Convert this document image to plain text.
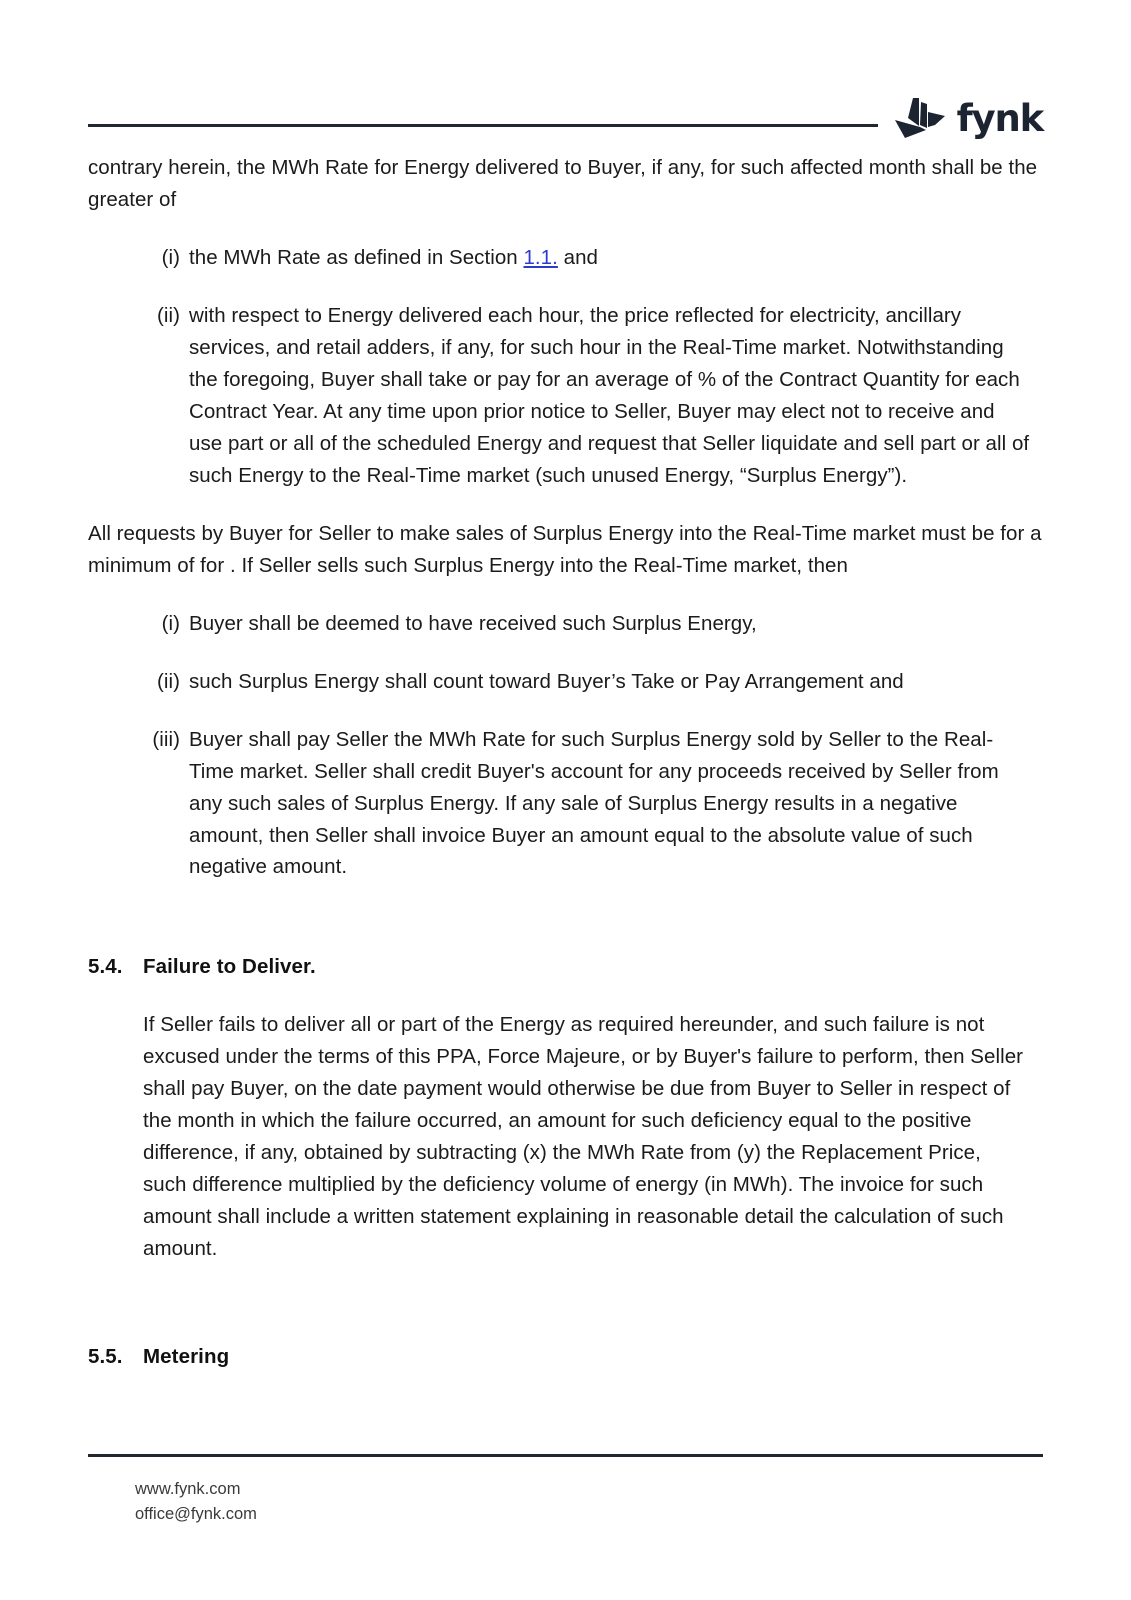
fynk

contrary herein, the MWh Rate for Energy delivered to Buyer, if any, for such affected month shall be the greater of

(i) the MWh Rate as defined in Section 1.1. and
(ii) with respect to Energy delivered each hour, the price reflected for electricity, ancillary services, and retail adders, if any, for such hour in the Real-Time market. Notwithstanding the foregoing, Buyer shall take or pay for an average of % of the Contract Quantity for each Contract Year. At any time upon prior notice to Seller, Buyer may elect not to receive and use part or all of the scheduled Energy and request that Seller liquidate and sell part or all of such Energy to the Real-Time market (such unused Energy, “Surplus Energy”).

All requests by Buyer for Seller to make sales of Surplus Energy into the Real-Time market must be for a minimum of for . If Seller sells such Surplus Energy into the Real-Time market, then

(i) Buyer shall be deemed to have received such Surplus Energy,
(ii) such Surplus Energy shall count toward Buyer’s Take or Pay Arrangement and
(iii) Buyer shall pay Seller the MWh Rate for such Surplus Energy sold by Seller to the Real-Time market. Seller shall credit Buyer's account for any proceeds received by Seller from any such sales of Surplus Energy. If any sale of Surplus Energy results in a negative amount, then Seller shall invoice Buyer an amount equal to the absolute value of such negative amount.
5.4. Failure to Deliver.

If Seller fails to deliver all or part of the Energy as required hereunder, and such failure is not excused under the terms of this PPA, Force Majeure, or by Buyer's failure to perform, then Seller shall pay Buyer, on the date payment would otherwise be due from Buyer to Seller in respect of the month in which the failure occurred, an amount for such deficiency equal to the positive difference, if any, obtained by subtracting (x) the MWh Rate from (y) the Replacement Price, such difference multiplied by the deficiency volume of energy (in MWh). The invoice for such amount shall include a written statement explaining in reasonable detail the calculation of such amount.

5.5. Metering
www.fynk.com
office@fynk.com
